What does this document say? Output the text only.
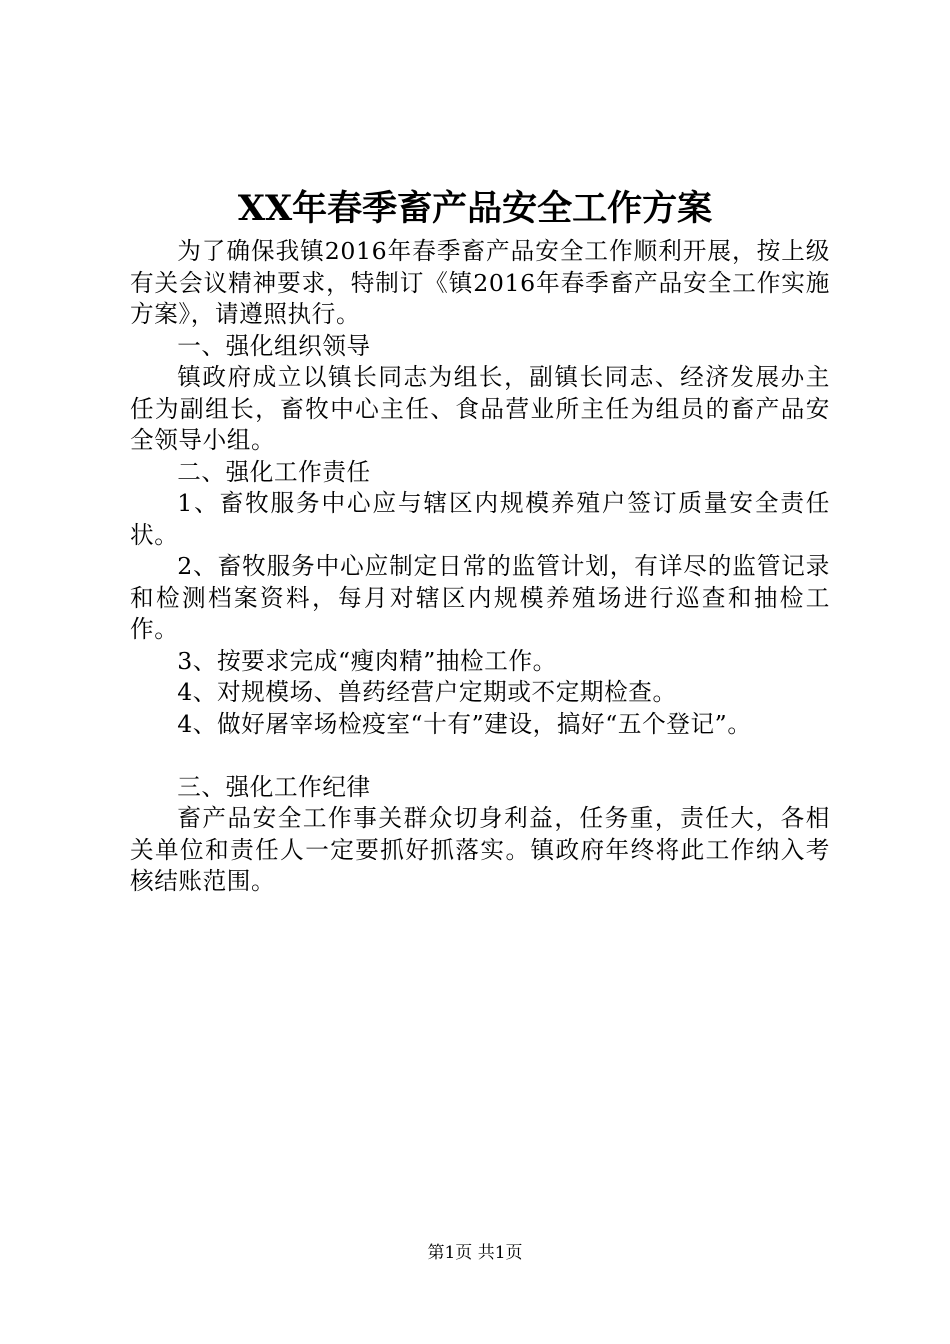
XX年春季畜产品安全工作方案

为了确保我镇2016年春季畜产品安全工作顺利开展，按上级有关会议精神要求，特制订《镇2016年春季畜产品安全工作实施方案》，请遵照执行。

一、强化组织领导

镇政府成立以镇长同志为组长，副镇长同志、经济发展办主任为副组长，畜牧中心主任、食品营业所主任为组员的畜产品安全领导小组。

二、强化工作责任

1、畜牧服务中心应与辖区内规模养殖户签订质量安全责任状。

2、畜牧服务中心应制定日常的监管计划，有详尽的监管记录和检测档案资料，每月对辖区内规模养殖场进行巡查和抽检工作。

3、按要求完成“瘦肉精”抽检工作。

4、对规模场、兽药经营户定期或不定期检查。

4、做好屠宰场检疫室“十有”建设，搞好“五个登记”。

三、强化工作纪律

畜产品安全工作事关群众切身利益，任务重，责任大，各相关单位和责任人一定要抓好抓落实。镇政府年终将此工作纳入考核结账范围。

第1页 共1页
